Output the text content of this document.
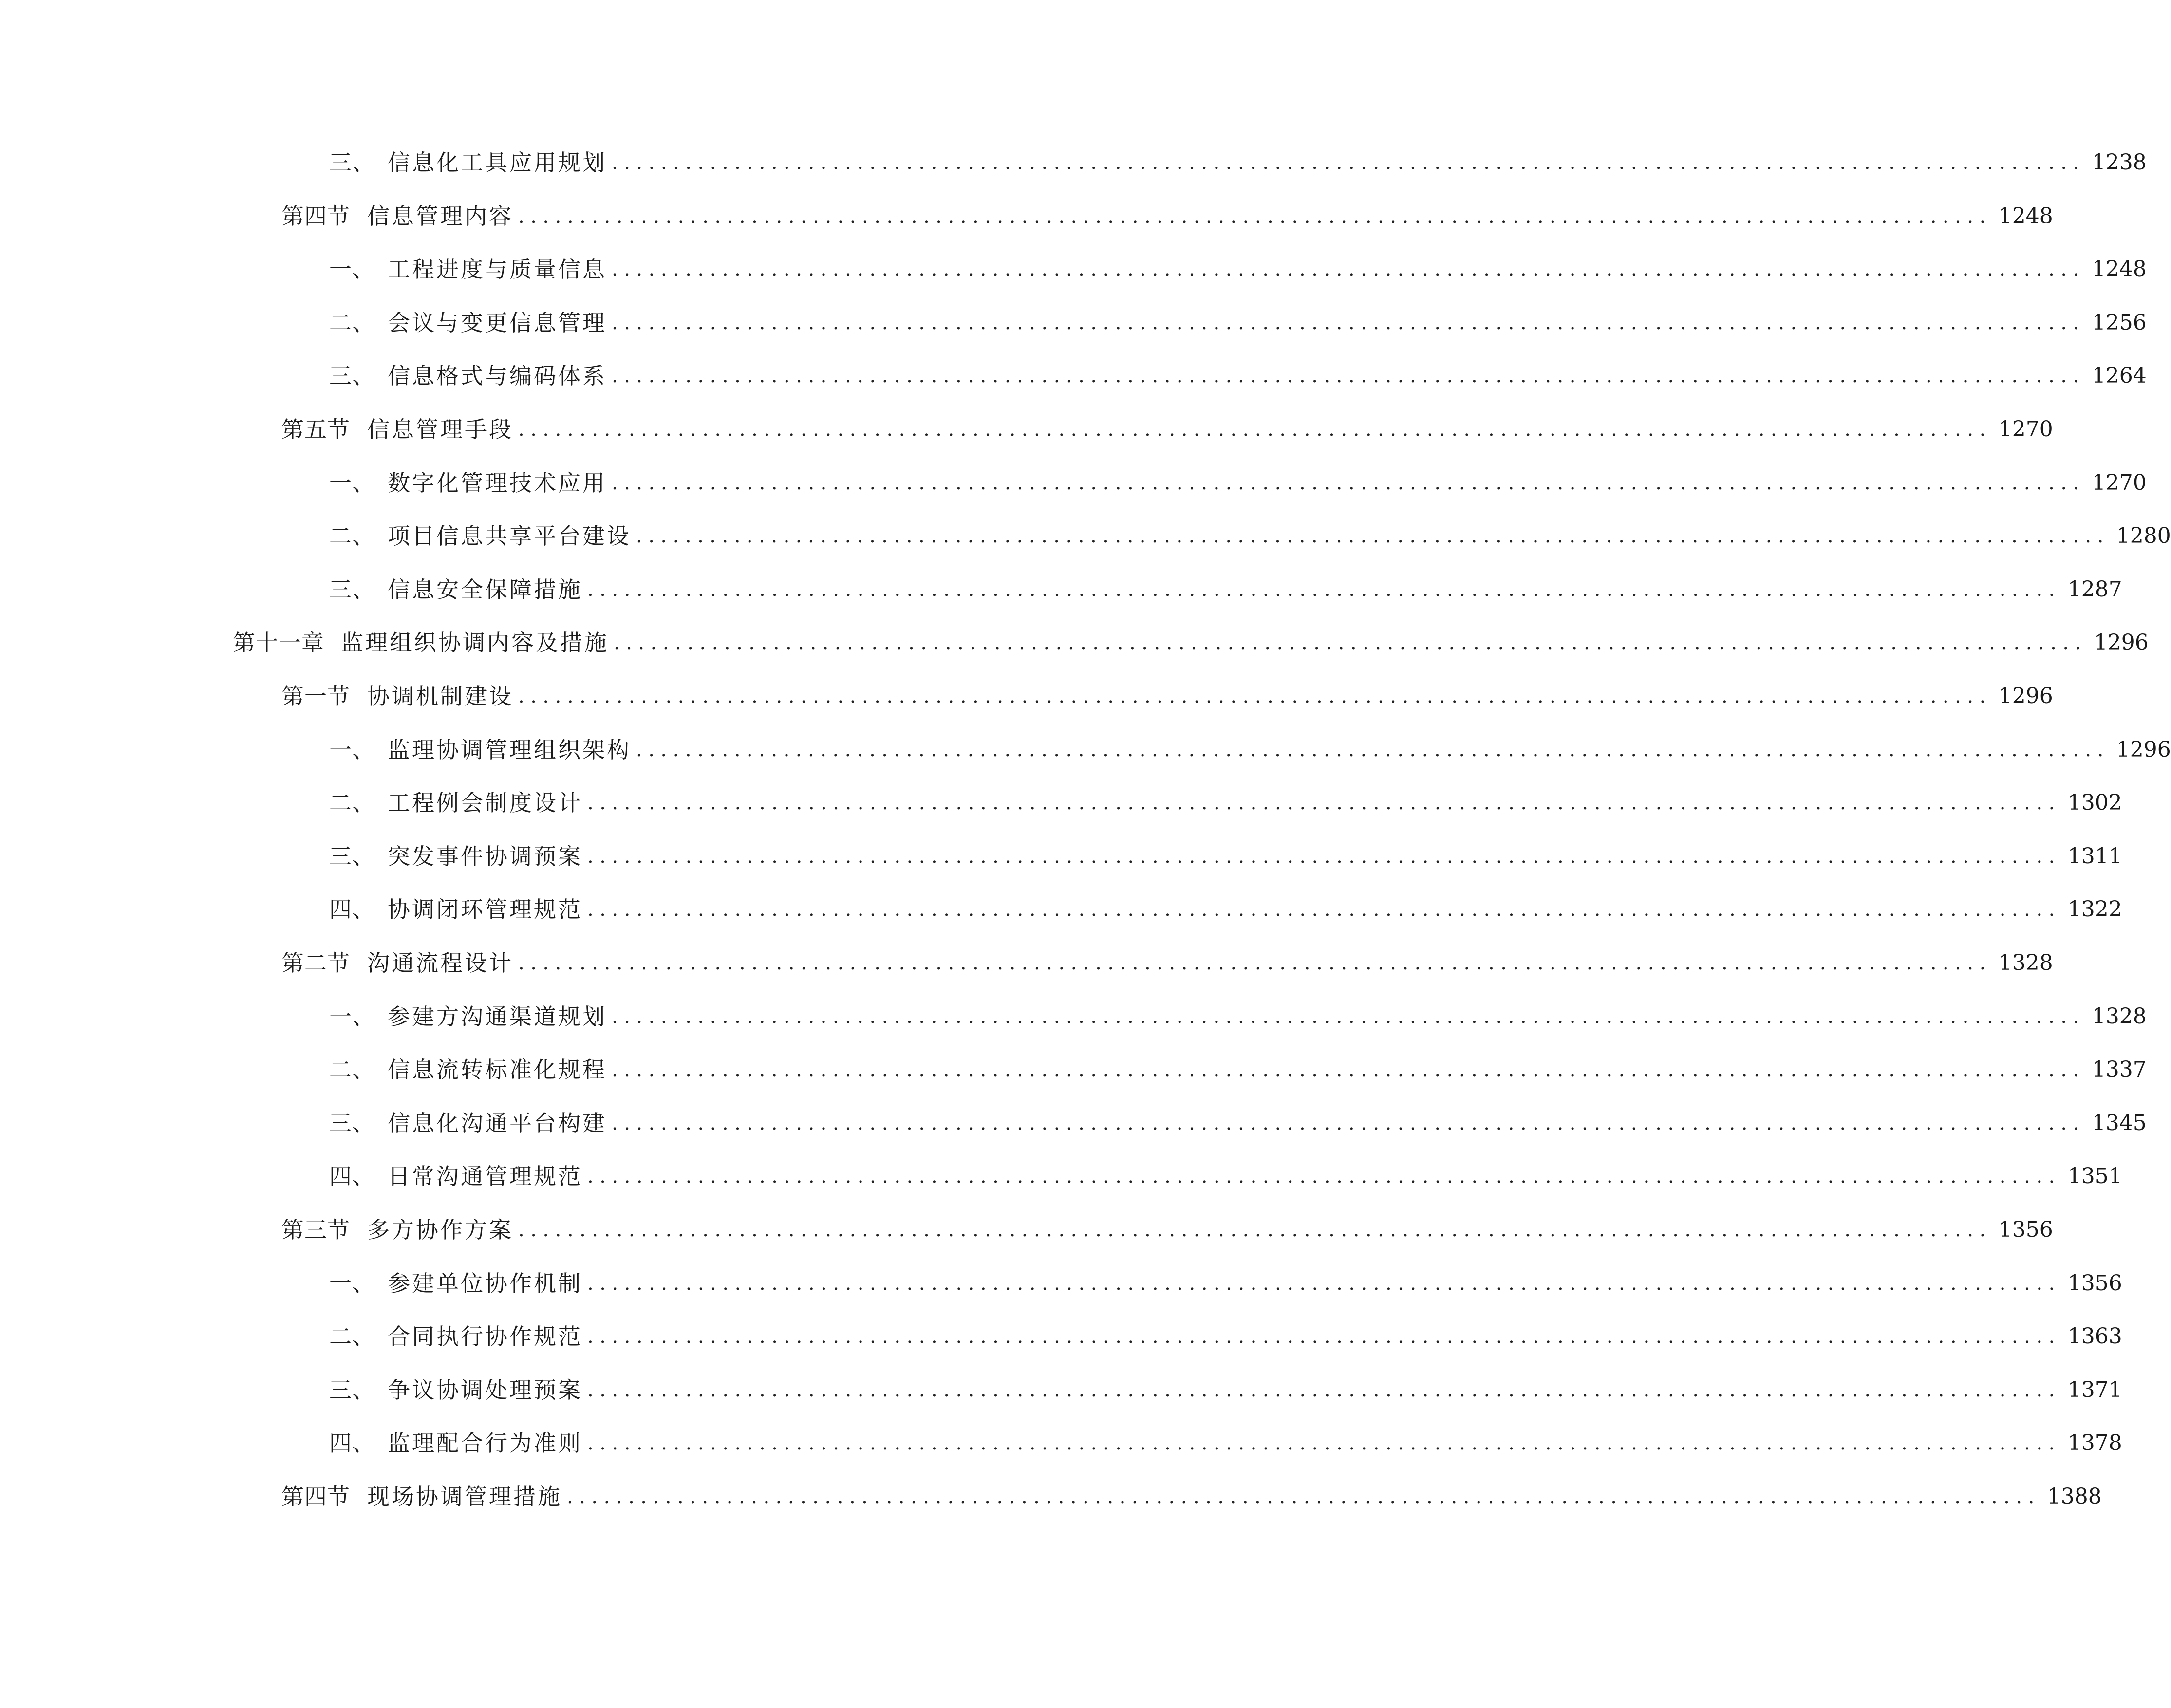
三、 信息化工具应用规划 ........................................................................................................................ 1238
第四节 信息管理内容 ........................................................................................................................ 1248
一、 工程进度与质量信息 ........................................................................................................................ 1248
二、 会议与变更信息管理 ........................................................................................................................ 1256
三、 信息格式与编码体系 ........................................................................................................................ 1264
第五节 信息管理手段 ........................................................................................................................ 1270
一、 数字化管理技术应用 ........................................................................................................................ 1270
二、 项目信息共享平台建设 ........................................................................................................................ 1280
三、 信息安全保障措施 ........................................................................................................................ 1287
第十一章 监理组织协调内容及措施 ........................................................................................................................ 1296
第一节 协调机制建设 ........................................................................................................................ 1296
一、 监理协调管理组织架构 ........................................................................................................................ 1296
二、 工程例会制度设计 ........................................................................................................................ 1302
三、 突发事件协调预案 ........................................................................................................................ 1311
四、 协调闭环管理规范 ........................................................................................................................ 1322
第二节 沟通流程设计 ........................................................................................................................ 1328
一、 参建方沟通渠道规划 ........................................................................................................................ 1328
二、 信息流转标准化规程 ........................................................................................................................ 1337
三、 信息化沟通平台构建 ........................................................................................................................ 1345
四、 日常沟通管理规范 ........................................................................................................................ 1351
第三节 多方协作方案 ........................................................................................................................ 1356
一、 参建单位协作机制 ........................................................................................................................ 1356
二、 合同执行协作规范 ........................................................................................................................ 1363
三、 争议协调处理预案 ........................................................................................................................ 1371
四、 监理配合行为准则 ........................................................................................................................ 1378
第四节 现场协调管理措施 ........................................................................................................................ 1388
